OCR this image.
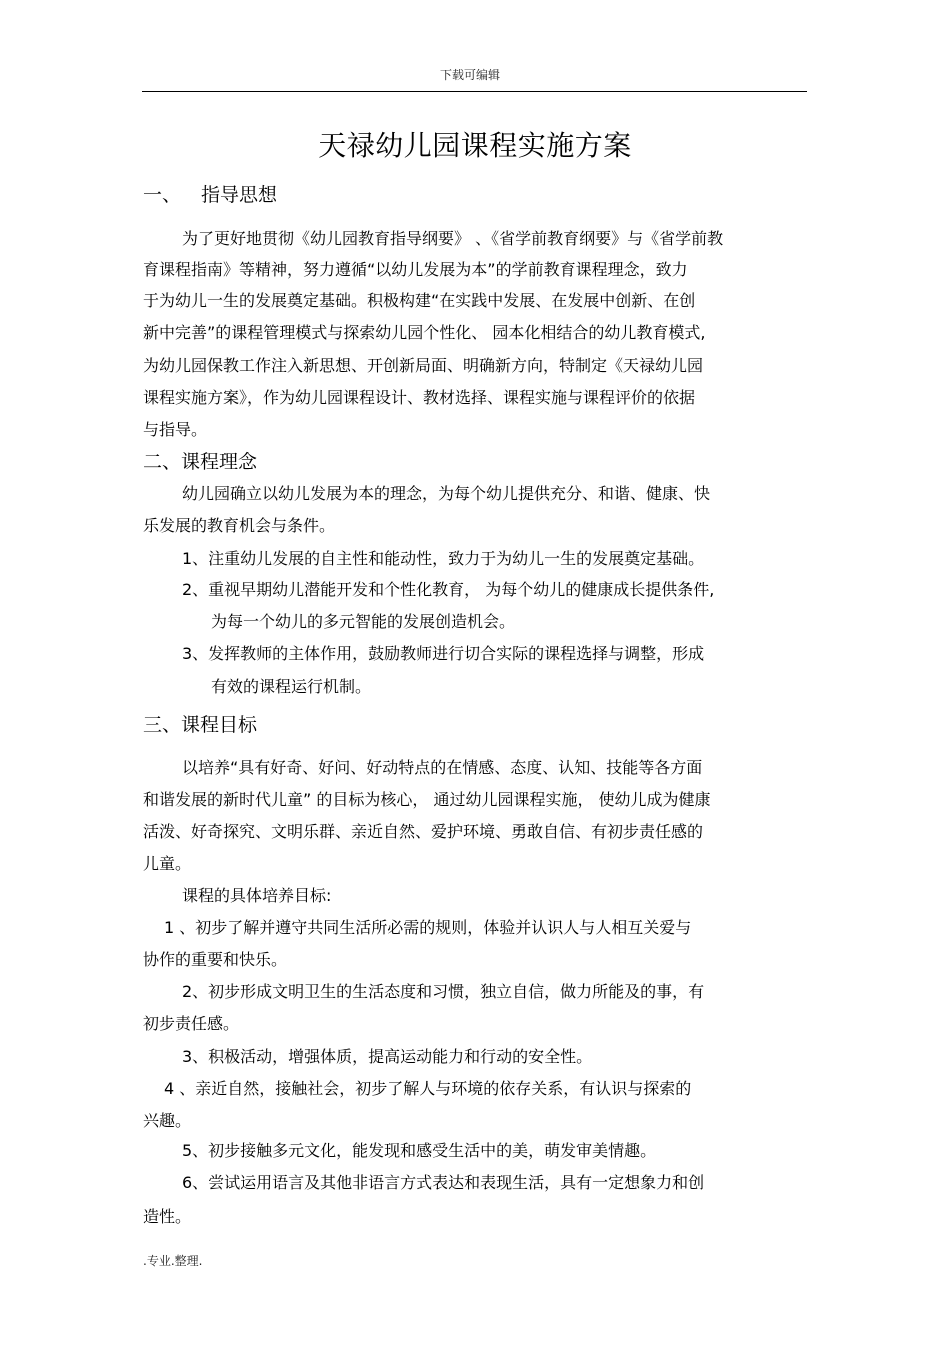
下载可编辑
天禄幼儿园课程实施方案
一、 指导思想
为了更好地贯彻《幼儿园教育指导纲要》 、《省学前教育纲要》与《省学前教
育课程指南》等精神，努力遵循“以幼儿发展为本”的学前教育课程理念，致力
于为幼儿一生的发展奠定基础。积极构建“在实践中发展、在发展中创新、在创
新中完善”的课程管理模式与探索幼儿园个性化、 园本化相结合的幼儿教育模式,
为幼儿园保教工作注入新思想、开创新局面、明确新方向，特制定《天禄幼儿园
课程实施方案》，作为幼儿园课程设计、教材选择、课程实施与课程评价的依据
与指导。
二、课程理念
幼儿园确立以幼儿发展为本的理念，为每个幼儿提供充分、和谐、健康、快
乐发展的教育机会与条件。
1、注重幼儿发展的自主性和能动性，致力于为幼儿一生的发展奠定基础。
2、重视早期幼儿潜能开发和个性化教育， 为每个幼儿的健康成长提供条件,
为每一个幼儿的多元智能的发展创造机会。
3、发挥教师的主体作用，鼓励教师进行切合实际的课程选择与调整，形成
有效的课程运行机制。
三、课程目标
以培养“具有好奇、好问、好动特点的在情感、态度、认知、技能等各方面
和谐发展的新时代儿童” 的目标为核心， 通过幼儿园课程实施， 使幼儿成为健康
活泼、好奇探究、文明乐群、亲近自然、爱护环境、勇敢自信、有初步责任感的
儿童。
课程的具体培养目标:
1 、初步了解并遵守共同生活所必需的规则，体验并认识人与人相互关爱与
协作的重要和快乐。
2、初步形成文明卫生的生活态度和习惯，独立自信，做力所能及的事，有
初步责任感。
3、积极活动，增强体质，提高运动能力和行动的安全性。
4 、亲近自然，接触社会，初步了解人与环境的依存关系，有认识与探索的
兴趣。
5、初步接触多元文化，能发现和感受生活中的美，萌发审美情趣。
6、尝试运用语言及其他非语言方式表达和表现生活，具有一定想象力和创
造性。
.专业.整理.
